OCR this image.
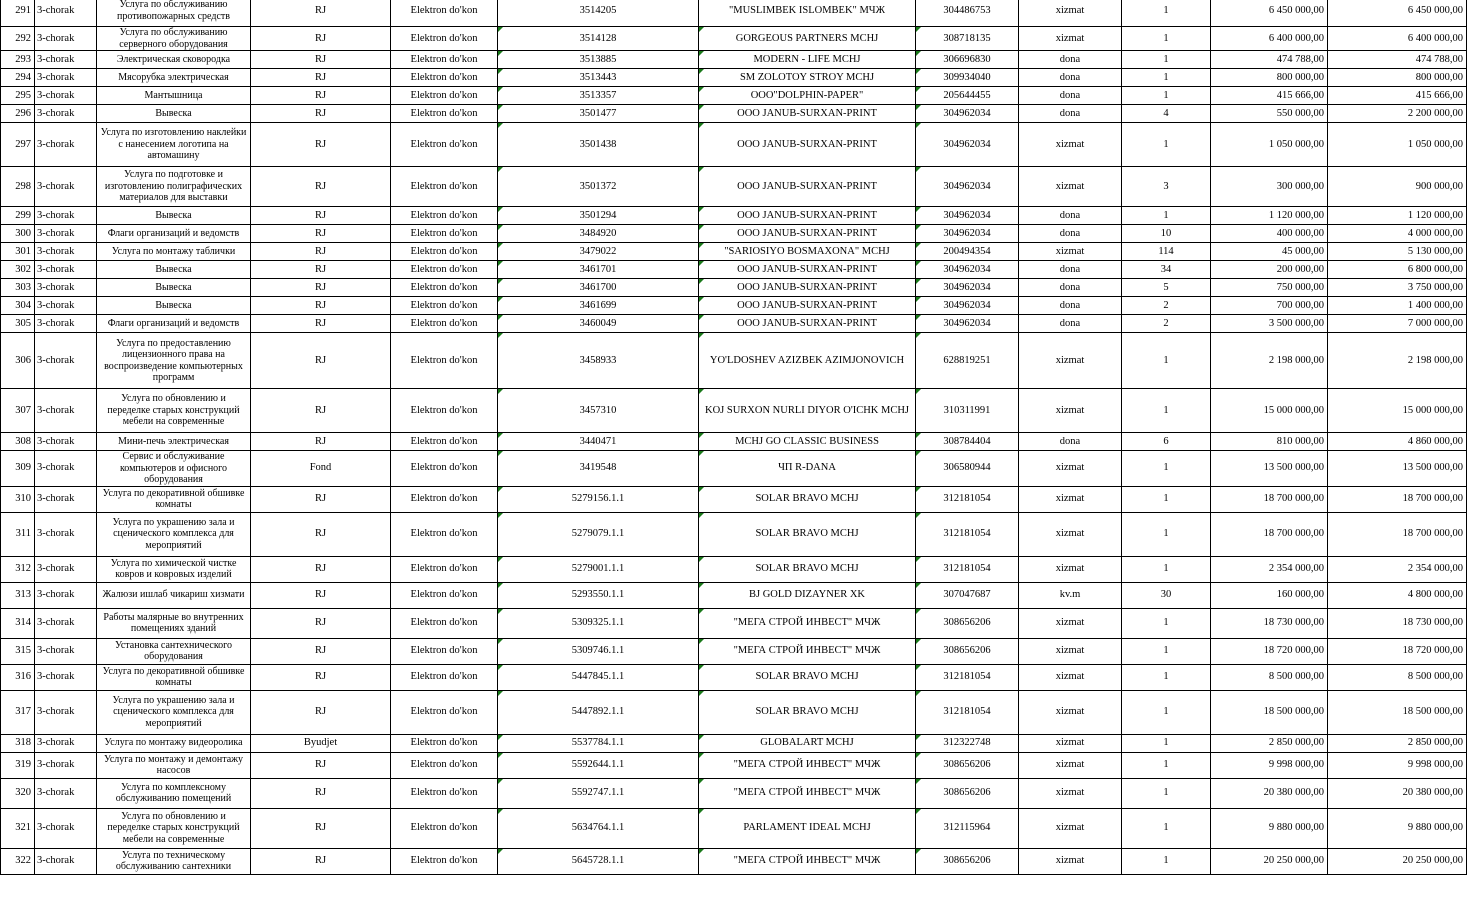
291	3-chorak	Услуга по обслуживанию противопожарных средств	RJ	Elektron do'kon	3514205	"MUSLIMBEK ISLOMBEK" МЧЖ	304486753	xizmat	1	6 450 000,00	6 450 000,00
292	3-chorak	Услуга по обслуживанию серверного оборудования	RJ	Elektron do'kon	3514128	GORGEOUS PARTNERS MCHJ	308718135	xizmat	1	6 400 000,00	6 400 000,00
293	3-chorak	Электрическая сковородка	RJ	Elektron do'kon	3513885	MODERN - LIFE MCHJ	306696830	dona	1	474 788,00	474 788,00
294	3-chorak	Мясорубка электрическая	RJ	Elektron do'kon	3513443	SM ZOLOTOY STROY MCHJ	309934040	dona	1	800 000,00	800 000,00
295	3-chorak	Мантышница	RJ	Elektron do'kon	3513357	ООО"DOLPHIN-PAPER"	205644455	dona	1	415 666,00	415 666,00
296	3-chorak	Вывеска	RJ	Elektron do'kon	3501477	ООО JANUB-SURXAN-PRINT	304962034	dona	4	550 000,00	2 200 000,00
297	3-chorak	Услуга по изготовлению наклейки с нанесением логотипа на автомашину	RJ	Elektron do'kon	3501438	ООО JANUB-SURXAN-PRINT	304962034	xizmat	1	1 050 000,00	1 050 000,00
298	3-chorak	Услуга по подготовке и изготовлению полиграфических материалов для выставки	RJ	Elektron do'kon	3501372	ООО JANUB-SURXAN-PRINT	304962034	xizmat	3	300 000,00	900 000,00
299	3-chorak	Вывеска	RJ	Elektron do'kon	3501294	ООО JANUB-SURXAN-PRINT	304962034	dona	1	1 120 000,00	1 120 000,00
300	3-chorak	Флаги организаций и ведомств	RJ	Elektron do'kon	3484920	ООО JANUB-SURXAN-PRINT	304962034	dona	10	400 000,00	4 000 000,00
301	3-chorak	Услуга по монтажу таблички	RJ	Elektron do'kon	3479022	"SARIOSIYO BOSMAXONA" MCHJ	200494354	xizmat	114	45 000,00	5 130 000,00
302	3-chorak	Вывеска	RJ	Elektron do'kon	3461701	ООО JANUB-SURXAN-PRINT	304962034	dona	34	200 000,00	6 800 000,00
303	3-chorak	Вывеска	RJ	Elektron do'kon	3461700	ООО JANUB-SURXAN-PRINT	304962034	dona	5	750 000,00	3 750 000,00
304	3-chorak	Вывеска	RJ	Elektron do'kon	3461699	ООО JANUB-SURXAN-PRINT	304962034	dona	2	700 000,00	1 400 000,00
305	3-chorak	Флаги организаций и ведомств	RJ	Elektron do'kon	3460049	ООО JANUB-SURXAN-PRINT	304962034	dona	2	3 500 000,00	7 000 000,00
306	3-chorak	Услуга по предоставлению лицензионного права на воспроизведение компьютерных программ	RJ	Elektron do'kon	3458933	YO'LDOSHEV AZIZBEK AZIMJONOVICH	628819251	xizmat	1	2 198 000,00	2 198 000,00
307	3-chorak	Услуга по обновлению и переделке старых конструкций мебели на современные	RJ	Elektron do'kon	3457310	KOJ SURXON NURLI DIYOR O'ICHK MCHJ	310311991	xizmat	1	15 000 000,00	15 000 000,00
308	3-chorak	Мини-печь электрическая	RJ	Elektron do'kon	3440471	MCHJ GO CLASSIC BUSINESS	308784404	dona	6	810 000,00	4 860 000,00
309	3-chorak	Сервис и обслуживание компьютеров и офисного оборудования	Fond	Elektron do'kon	3419548	ЧП R-DANA	306580944	xizmat	1	13 500 000,00	13 500 000,00
310	3-chorak	Услуга по декоративной обшивке комнаты	RJ	Elektron do'kon	5279156.1.1	SOLAR BRAVO MCHJ	312181054	xizmat	1	18 700 000,00	18 700 000,00
311	3-chorak	Услуга по украшению зала и сценического комплекса для мероприятий	RJ	Elektron do'kon	5279079.1.1	SOLAR BRAVO MCHJ	312181054	xizmat	1	18 700 000,00	18 700 000,00
312	3-chorak	Услуга по химической чистке ковров и ковровых изделий	RJ	Elektron do'kon	5279001.1.1	SOLAR BRAVO MCHJ	312181054	xizmat	1	2 354 000,00	2 354 000,00
313	3-chorak	Жалюзи ишлаб чикариш хизмати	RJ	Elektron do'kon	5293550.1.1	BJ GOLD DIZAYNER XK	307047687	kv.m	30	160 000,00	4 800 000,00
314	3-chorak	Работы малярные во внутренних помещениях зданий	RJ	Elektron do'kon	5309325.1.1	"МЕГА СТРОЙ ИНВЕСТ" МЧЖ	308656206	xizmat	1	18 730 000,00	18 730 000,00
315	3-chorak	Установка сантехнического оборудования	RJ	Elektron do'kon	5309746.1.1	"МЕГА СТРОЙ ИНВЕСТ" МЧЖ	308656206	xizmat	1	18 720 000,00	18 720 000,00
316	3-chorak	Услуга по декоративной обшивке комнаты	RJ	Elektron do'kon	5447845.1.1	SOLAR BRAVO MCHJ	312181054	xizmat	1	8 500 000,00	8 500 000,00
317	3-chorak	Услуга по украшению зала и сценического комплекса для мероприятий	RJ	Elektron do'kon	5447892.1.1	SOLAR BRAVO MCHJ	312181054	xizmat	1	18 500 000,00	18 500 000,00
318	3-chorak	Услуга по монтажу видеоролика	Byudjet	Elektron do'kon	5537784.1.1	GLOBALART MCHJ	312322748	xizmat	1	2 850 000,00	2 850 000,00
319	3-chorak	Услуга по монтажу и демонтажу насосов	RJ	Elektron do'kon	5592644.1.1	"МЕГА СТРОЙ ИНВЕСТ" МЧЖ	308656206	xizmat	1	9 998 000,00	9 998 000,00
320	3-chorak	Услуга по комплексному обслуживанию помещений	RJ	Elektron do'kon	5592747.1.1	"МЕГА СТРОЙ ИНВЕСТ" МЧЖ	308656206	xizmat	1	20 380 000,00	20 380 000,00
321	3-chorak	Услуга по обновлению и переделке старых конструкций мебели на современные	RJ	Elektron do'kon	5634764.1.1	PARLAMENT IDEAL MCHJ	312115964	xizmat	1	9 880 000,00	9 880 000,00
322	3-chorak	Услуга по техническому обслуживанию сантехники	RJ	Elektron do'kon	5645728.1.1	"МЕГА СТРОЙ ИНВЕСТ" МЧЖ	308656206	xizmat	1	20 250 000,00	20 250 000,00
